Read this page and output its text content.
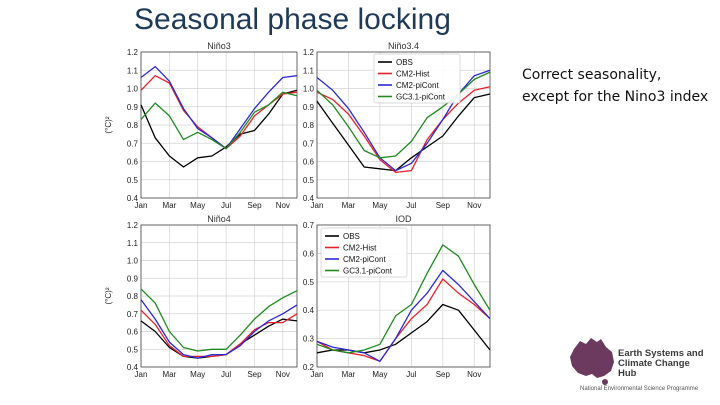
Seasonal phase locking
0.4
0.5
0.6
0.7
0.8
0.9
1.0
1.1
1.2
Jan Mar May Jul Sep Nov
Niño3
(°C)²
0.4
0.5
0.6
0.7
0.8
0.9
1.0
1.1
1.2
Jan Mar May Jul Sep Nov
Niño3.4
OBS
CM2-Hist
CM2-piCont
GC3.1-piCont
0.4
0.5
0.6
0.7
0.8
0.9
1.0
1.1
1.2
Jan Mar May Jul Sep Nov
Niño4
(°C)²
0.2
0.3
0.4
0.5
0.6
0.7
Jan Mar May Jul Sep Nov
IOD
OBS
CM2-Hist
CM2-piCont
GC3.1-piCont
Correct seasonality, except for the Nino3 index
Earth Systems and
Climate Change
Hub
National Environmental Science Programme
